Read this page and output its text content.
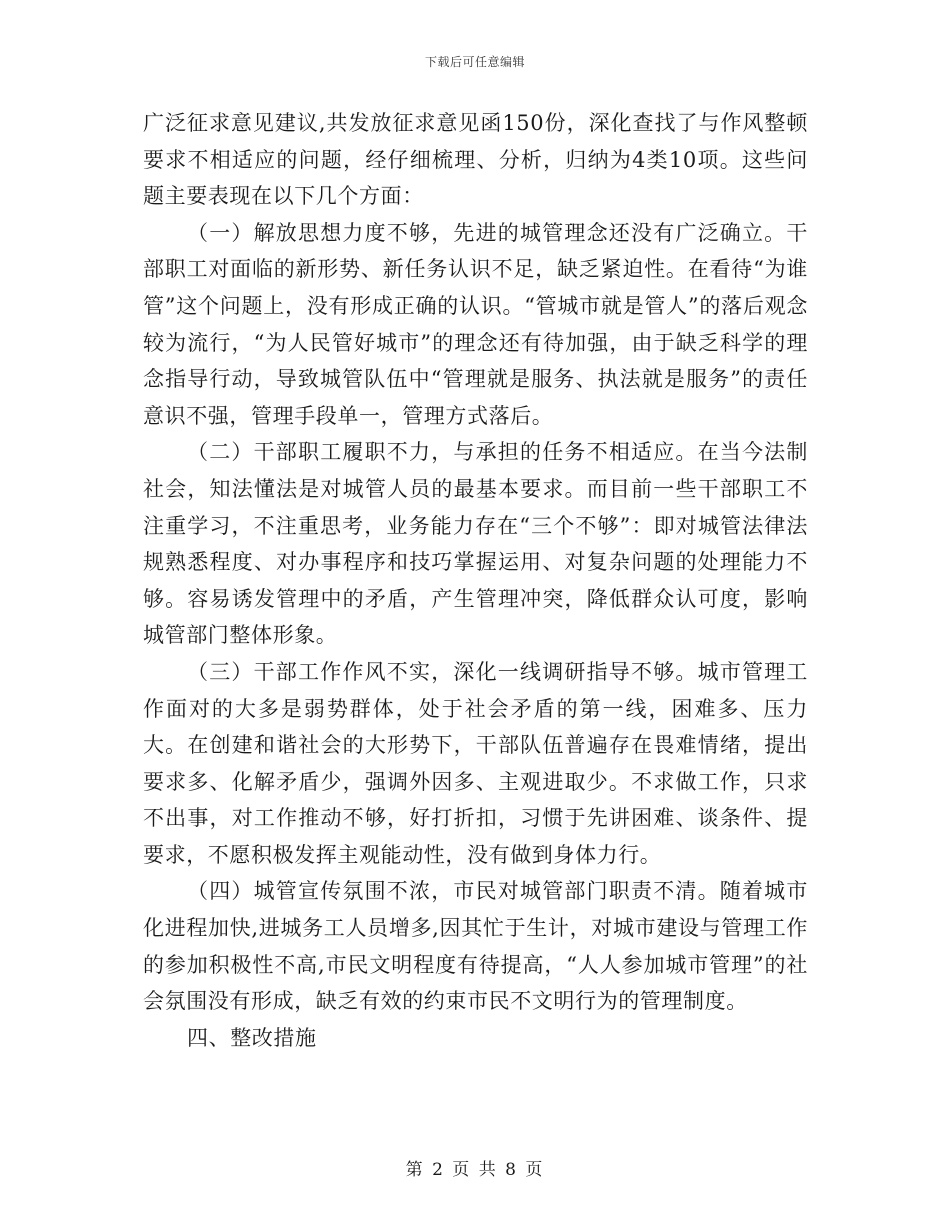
下载后可任意编辑

广泛征求意见建议,共发放征求意见函150份，深化查找了与作风整顿要求不相适应的问题，经仔细梳理、分析，归纳为4类10项。这些问题主要表现在以下几个方面：

（一）解放思想力度不够，先进的城管理念还没有广泛确立。干部职工对面临的新形势、新任务认识不足，缺乏紧迫性。在看待“为谁管”这个问题上，没有形成正确的认识。“管城市就是管人”的落后观念较为流行，“为人民管好城市”的理念还有待加强，由于缺乏科学的理念指导行动，导致城管队伍中“管理就是服务、执法就是服务”的责任意识不强，管理手段单一，管理方式落后。

（二）干部职工履职不力，与承担的任务不相适应。在当今法制社会，知法懂法是对城管人员的最基本要求。而目前一些干部职工不注重学习，不注重思考，业务能力存在“三个不够”：即对城管法律法规熟悉程度、对办事程序和技巧掌握运用、对复杂问题的处理能力不够。容易诱发管理中的矛盾，产生管理冲突，降低群众认可度，影响城管部门整体形象。

（三）干部工作作风不实，深化一线调研指导不够。城市管理工作面对的大多是弱势群体，处于社会矛盾的第一线，困难多、压力大。在创建和谐社会的大形势下，干部队伍普遍存在畏难情绪，提出要求多、化解矛盾少，强调外因多、主观进取少。不求做工作，只求不出事，对工作推动不够，好打折扣，习惯于先讲困难、谈条件、提要求，不愿积极发挥主观能动性，没有做到身体力行。

（四）城管宣传氛围不浓，市民对城管部门职责不清。随着城市化进程加快,进城务工人员增多,因其忙于生计，对城市建设与管理工作的参加积极性不高,市民文明程度有待提高，“人人参加城市管理”的社会氛围没有形成，缺乏有效的约束市民不文明行为的管理制度。

四、整改措施

第 2 页 共 8 页
